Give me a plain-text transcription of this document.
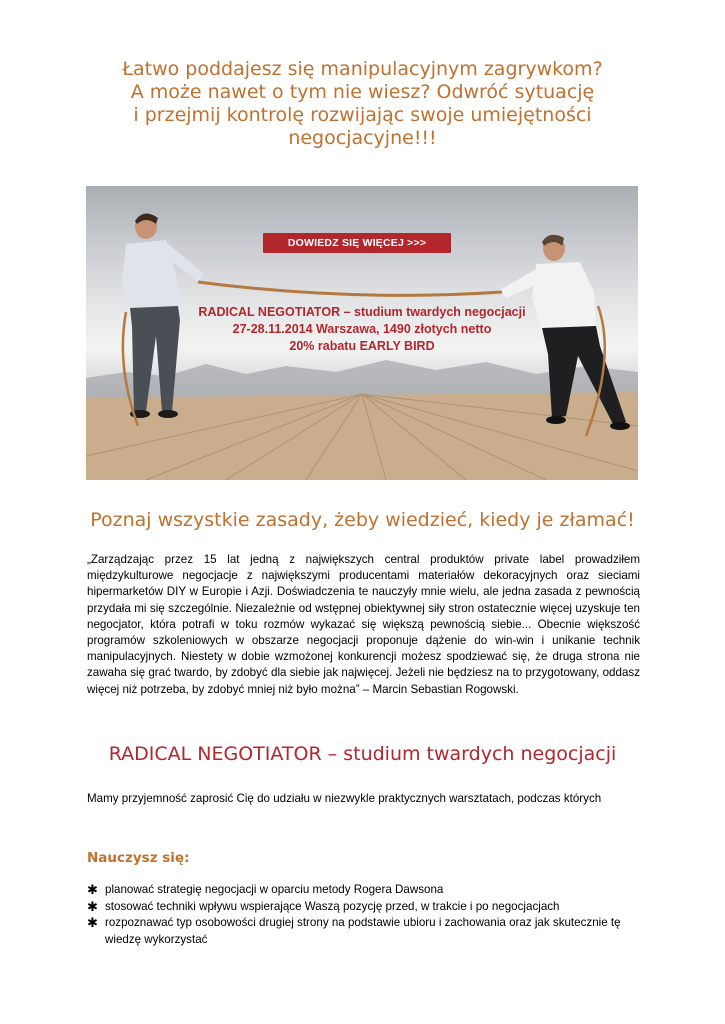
Łatwo poddajesz się manipulacyjnym zagrywkom?
A może nawet o tym nie wiesz? Odwróć sytuację
i przejmij kontrolę rozwijając swoje umiejętności
negocjacyjne!!!
DOWIEDZ SIĘ WIĘCEJ >>>
RADICAL NEGOTIATOR – studium twardych negocjacji
27-28.11.2014 Warszawa, 1490 złotych netto
20% rabatu EARLY BIRD
Poznaj wszystkie zasady, żeby wiedzieć, kiedy je złamać!

„Zarządzając przez 15 lat jedną z największych central produktów private label prowadziłem międzykulturowe negocjacje z największymi producentami materiałów dekoracyjnych oraz sieciami hipermarketów DIY w Europie i Azji. Doświadczenia te nauczyły mnie wielu, ale jedna zasada z pewnością przydała mi się szczególnie. Niezależnie od wstępnej obiektywnej siły stron ostatecznie więcej uzyskuje ten negocjator, która potrafi w toku rozmów wykazać się większą pewnością siebie... Obecnie większość programów szkoleniowych w obszarze negocjacji proponuje dążenie do win-win i unikanie technik manipulacyjnych. Niestety w dobie wzmożonej konkurencji możesz spodziewać się, że druga strona nie zawaha się grać twardo, by zdobyć dla siebie jak najwięcej. Jeżeli nie będziesz na to przygotowany, oddasz więcej niż potrzeba, by zdobyć mniej niż było można” – Marcin Sebastian Rogowski.

RADICAL NEGOTIATOR – studium twardych negocjacji

Mamy przyjemność zaprosić Cię do udziału w niezwykle praktycznych warsztatach, podczas których

Nauczysz się:
✱ planować strategię negocjacji w oparciu metody Rogera Dawsona
✱ stosować techniki wpływu wspierające Waszą pozycję przed, w trakcie i po negocjacjach
✱ rozpoznawać typ osobowości drugiej strony na podstawie ubioru i zachowania oraz jak skutecznie tę wiedzę wykorzystać
